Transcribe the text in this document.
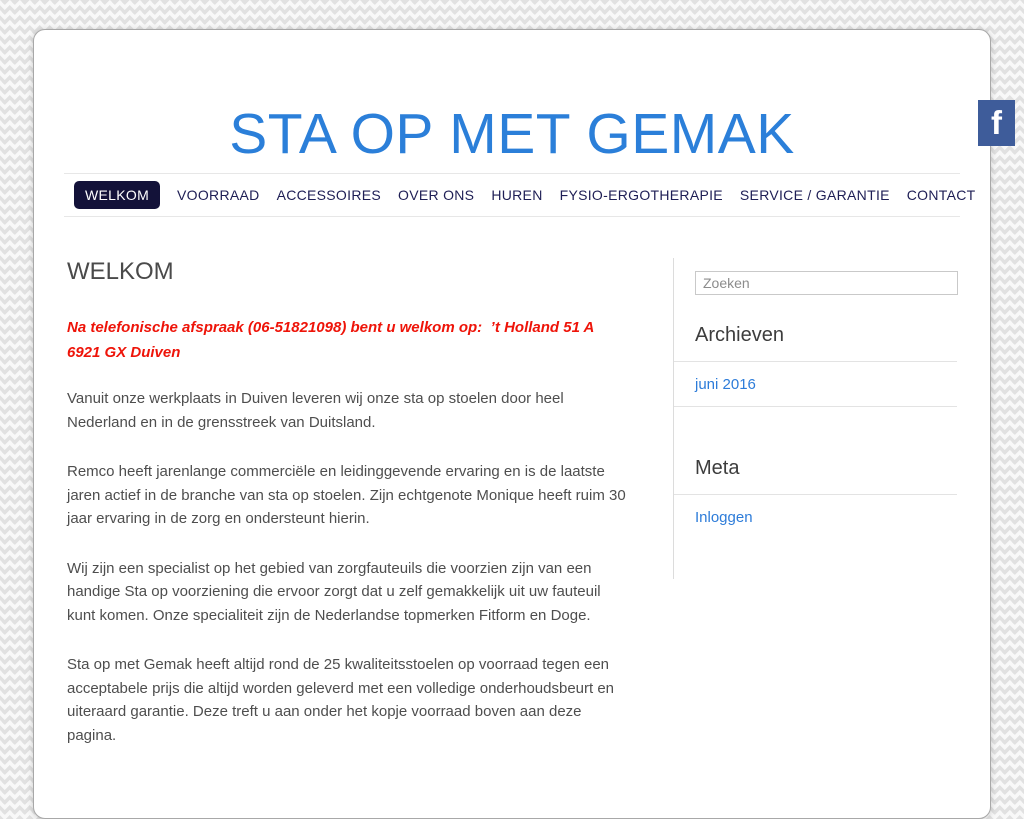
STA OP MET GEMAK
WELKOM	VOORRAAD ACCESSOIRES OVER ONS HUREN FYSIO-ERGOTHERAPIE SERVICE / GARANTIE CONTACT
WELKOM

Na telefonische afspraak (06-51821098) bent u welkom op:  ’t Holland 51 A
6921 GX Duiven

Vanuit onze werkplaats in Duiven leveren wij onze sta op stoelen door heel Nederland en in de grensstreek van Duitsland.

Remco heeft jarenlange commerciële en leidinggevende ervaring en is de laatste jaren actief in de branche van sta op stoelen. Zijn echtgenote Monique heeft ruim 30 jaar ervaring in de zorg en ondersteunt hierin.

Wij zijn een specialist op het gebied van zorgfauteuils die voorzien zijn van een handige Sta op voorziening die ervoor zorgt dat u zelf gemakkelijk uit uw fauteuil kunt komen. Onze specialiteit zijn de Nederlandse topmerken Fitform en Doge.

Sta op met Gemak heeft altijd rond de 25 kwaliteitsstoelen op voorraad tegen een acceptabele prijs die altijd worden geleverd met een volledige onderhoudsbeurt en uiteraard garantie. Deze treft u aan onder het kopje voorraad boven aan deze pagina.

Zoeken
Archieven
juni 2016
Meta
Inloggen
f
